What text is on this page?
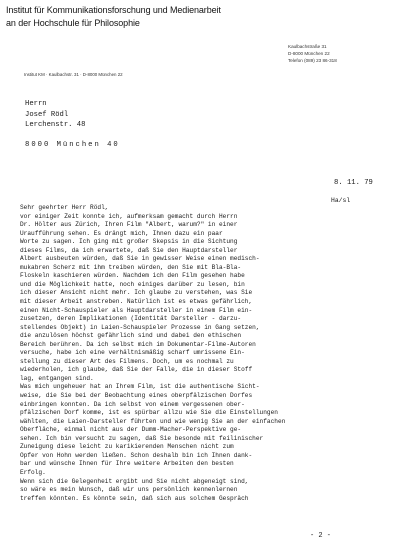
Institut für Kommunikationsforschung und Medienarbeit
an der Hochschule für Philosophie
Kaulbachstraße 31
D-8000 München 22
Telefon (089) 23 86-318
Institut KM · Kaulbachstr. 31 · D-8000 München 22
Herrn
Josef Rödl
Lerchenstr. 48
8000 München 40
8. 11. 79
Ha/sl
Sehr geehrter Herr Rödl,
vor einiger Zeit konnte ich, aufmerksam gemacht durch Herrn
Dr. Hölter aus Zürich, Ihren Film "Albert, warum?" in einer
Uraufführung sehen. Es drängt mich, Ihnen dazu ein paar
Worte zu sagen. Ich ging mit großer Skepsis in die Sichtung
dieses Films, da ich erwartete, daß Sie den Hauptdarsteller
Albert ausbeuten würden, daß Sie in gewisser Weise einen medisch-
mukabren Scherz mit ihm treiben würden, den Sie mit Bla-Bla-
Floskeln kaschieren würden. Nachdem ich den Film gesehen habe
und die Möglichkeit hatte, noch einiges darüber zu lesen, bin
ich dieser Ansicht nicht mehr. Ich glaube zu verstehen, was Sie
mit dieser Arbeit anstreben. Natürlich ist es etwas gefährlich,
einen Nicht-Schauspieler als Hauptdarsteller in einem Film ein-
zusetzen, deren Implikationen (Identität Darsteller - darzu-
stellendes Objekt) in Laien-Schauspieler Prozesse in Gang setzen,
die anzulösen höchst gefährlich sind und dabei den ethischen
Bereich berühren. Da ich selbst mich im Dokumentar-Filme-Autoren
versuche, habe ich eine verhältnismäßig scharf umrissene Ein-
stellung zu dieser Art des Filmens. Doch, um es nochmal zu
wiederholen, ich glaube, daß Sie der Falle, die in dieser Stoff
lag, entgangen sind.
Was mich ungeheuer hat an Ihrem Film, ist die authentische Sicht-
weise, die Sie bei der Beobachtung eines oberpfälzischen Dorfes
einbringen konnten. Da ich selbst von einem vergessenen ober-
pfälzischen Dorf komme, ist es spürbar allzu wie Sie die Einstellungen
wählten, die Laien-Darsteller führten und wie wenig Sie an der einfachen
Oberfläche, einmal nicht aus der Dumm-Macher-Perspektive ge-
sehen. Ich bin versucht zu sagen, daß Sie besonde mit feilinischer
Zuneigung diese leicht zu karikierenden Menschen nicht zum
Opfer von Hohn werden ließen. Schon deshalb bin ich Ihnen dank-
bar und wünsche Ihnen für Ihre weitere Arbeiten den besten
Erfolg.
Wenn sich die Gelegenheit ergibt und Sie nicht abgeneigt sind,
so wäre es mein Wunsch, daß wir uns persönlich kennenlernen
treffen könnten. Es könnte sein, daß sich aus solchem Gespräch
- 2 -
